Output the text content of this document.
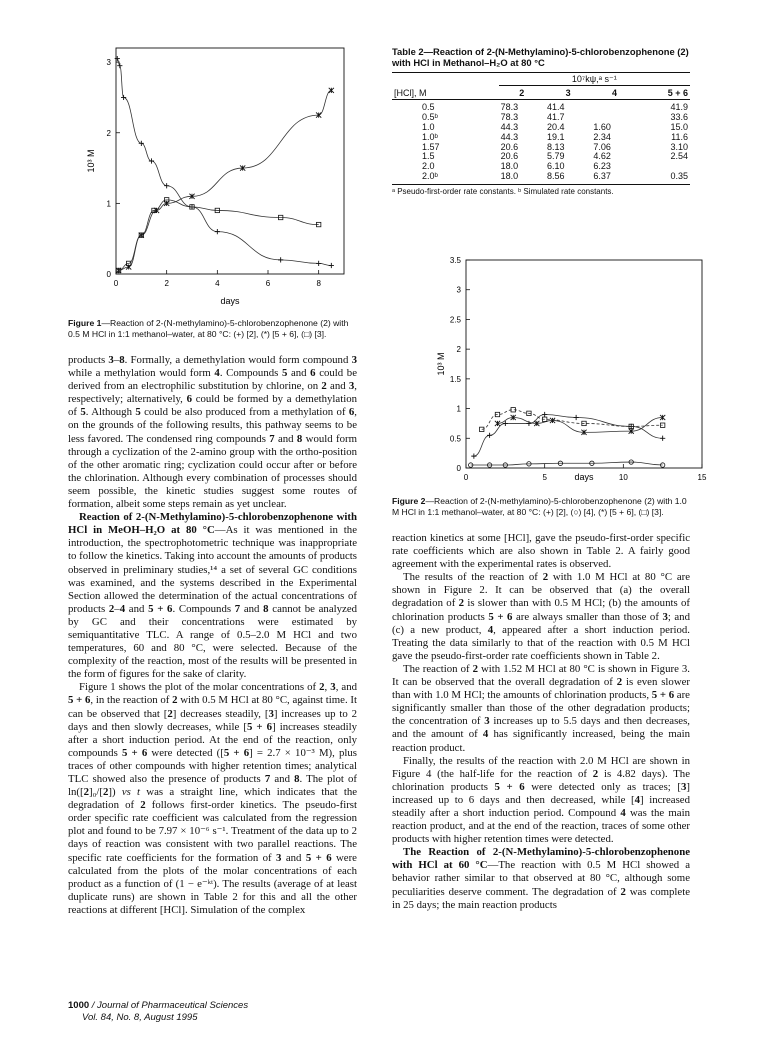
0	2	4	6	8
0
1
2
3
days
10³ M
Figure 1—Reaction of 2-(N-methylamino)-5-chlorobenzophenone (2) with 0.5 M HCl in 1:1 methanol–water, at 80 °C: (+) [2], (*) [5 + 6], (□) [3].

products 3–8. Formally, a demethylation would form compound 3 while a methylation would form 4. Compounds 5 and 6 could be derived from an electrophilic substitution by chlorine, on 2 and 3, respectively; alternatively, 6 could be formed by a demethylation of 5. Although 5 could be also produced from a methylation of 6, on the grounds of the following results, this pathway seems to be less favored. The condensed ring compounds 7 and 8 would form through a cyclization of the 2-amino group with the ortho-position of the other aromatic ring; cyclization could occur after or before the chlorination. Although every combination of processes should seem possible, the kinetic studies suggest some routes of formation, albeit some steps remain as yet unclear.

Reaction of 2-(N-Methylamino)-5-chlorobenzophenone with HCl in MeOH–H₂O at 80 °C—As it was mentioned in the introduction, the spectrophotometric technique was inappropriate to follow the kinetics. Taking into account the amounts of products observed in preliminary studies,¹⁴ a set of several GC conditions was examined, and the systems described in the Experimental Section allowed the determination of the actual concentrations of products 2–4 and 5 + 6. Compounds 7 and 8 cannot be analyzed by GC and their concentrations were estimated by semiquantitative TLC. A range of 0.5–2.0 M HCl and two temperatures, 60 and 80 °C, were selected. Because of the complexity of the reaction, most of the results will be presented in the form of figures for the sake of clarity.

Figure 1 shows the plot of the molar concentrations of 2, 3, and 5 + 6, in the reaction of 2 with 0.5 M HCl at 80 °C, against time. It can be observed that [2] decreases steadily, [3] increases up to 2 days and then slowly decreases, while [5 + 6] increases steadily after a short induction period. At the end of the reaction, only compounds 5 + 6 were detected ([5 + 6] = 2.7 × 10⁻³ M), plus traces of other compounds with higher retention times; analytical TLC showed also the presence of products 7 and 8. The plot of ln([2]₀/[2]) vs t was a straight line, which indicates that the degradation of 2 follows first-order kinetics. The pseudo-first order specific rate coefficient was calculated from the regression plot and found to be 7.97 × 10⁻⁶ s⁻¹. Treatment of the data up to 2 days of reaction was consistent with two parallel reactions. The specific rate coefficients for the formation of 3 and 5 + 6 were calculated from the plots of the molar concentrations of each product as a function of (1 − e⁻ᵏᵗ). The results (average of at least duplicate runs) are shown in Table 2 for this and all the other reactions at different [HCl]. Simulation of the complex

Table 2—Reaction of 2-(N-Methylamino)-5-chlorobenzophenone (2) with HCl in Methanol–H₂O at 80 °C
	10⁷kψ,ᵃ s⁻¹			
[HCl], M	2	3	4	5 + 6
0.5	78.3	41.4		41.9
0.5ᵇ	78.3	41.7		33.6
1.0	44.3	20.4	1.60	15.0
1.0ᵇ	44.3	19.1	2.34	11.6
1.57	20.6	8.13	7.06	3.10
1.5	20.6	5.79	4.62	2.54
2.0	18.0	6.10	6.23	
2.0ᵇ	18.0	8.56	6.37	0.35
ᵃ Pseudo-first-order rate constants. ᵇ Simulated rate constants.
0	5	10	15
0
0.5
1
1.5
2
2.5
3
3.5
days
10³ M
Figure 2—Reaction of 2-(N-methylamino)-5-chlorobenzophenone (2) with 1.0 M HCl in 1:1 methanol–water, at 80 °C: (+) [2], (○) [4], (*) [5 + 6], (□) [3].

reaction kinetics at some [HCl], gave the pseudo-first-order specific rate coefficients which are also shown in Table 2. A fairly good agreement with the experimental rates is observed.

The results of the reaction of 2 with 1.0 M HCl at 80 °C are shown in Figure 2. It can be observed that (a) the overall degradation of 2 is slower than with 0.5 M HCl; (b) the amounts of chlorination products 5 + 6 are always smaller than those of 3; and (c) a new product, 4, appeared after a short induction period. Treating the data similarly to that of the reaction with 0.5 M HCl gave the pseudo-first-order rate coefficients shown in Table 2.

The reaction of 2 with 1.52 M HCl at 80 °C is shown in Figure 3. It can be observed that the overall degradation of 2 is even slower than with 1.0 M HCl; the amounts of chlorination products, 5 + 6 are significantly smaller than those of the other degradation products; the concentration of 3 increases up to 5.5 days and then decreases, and the amount of 4 has significantly increased, being the main reaction product.

Finally, the results of the reaction with 2.0 M HCl are shown in Figure 4 (the half-life for the reaction of 2 is 4.82 days). The chlorination products 5 + 6 were detected only as traces; [3] increased up to 6 days and then decreased, while [4] increased steadily after a short induction period. Compound 4 was the main reaction product, and at the end of the reaction, traces of some other products with higher retention times were detected.

The Reaction of 2-(N-Methylamino)-5-chlorobenzophenone with HCl at 60 °C—The reaction with 0.5 M HCl showed a behavior rather similar to that observed at 80 °C, although some peculiarities deserve comment. The degradation of 2 was complete in 25 days; the main reaction products

1000 / Journal of Pharmaceutical Sciences
Vol. 84, No. 8, August 1995
